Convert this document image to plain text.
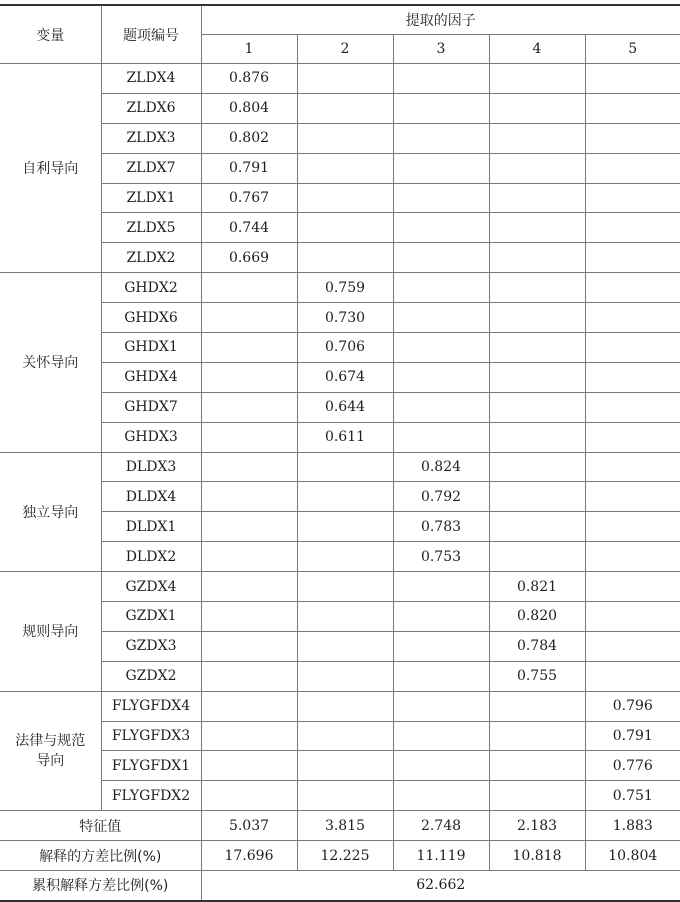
变量	题项编号	提取的因子				
		1	2	3	4	5
自利导向	ZLDX4	0.876				
	ZLDX6	0.804				
	ZLDX3	0.802				
	ZLDX7	0.791				
	ZLDX1	0.767				
	ZLDX5	0.744				
	ZLDX2	0.669				
关怀导向	GHDX2		0.759			
	GHDX6		0.730			
	GHDX1		0.706			
	GHDX4		0.674			
	GHDX7		0.644			
	GHDX3		0.611			
独立导向	DLDX3			0.824		
	DLDX4			0.792		
	DLDX1			0.783		
	DLDX2			0.753		
规则导向	GZDX4				0.821	
	GZDX1				0.820	
	GZDX3				0.784	
	GZDX2				0.755	
法律与规范导向	FLYGFDX4					0.796
	FLYGFDX3					0.791
	FLYGFDX1					0.776
	FLYGFDX2					0.751
特征值		5.037	3.815	2.748	2.183	1.883
解释的方差比例(%)		17.696	12.225	11.119	10.818	10.804
累积解释方差比例(%)		62.662				
